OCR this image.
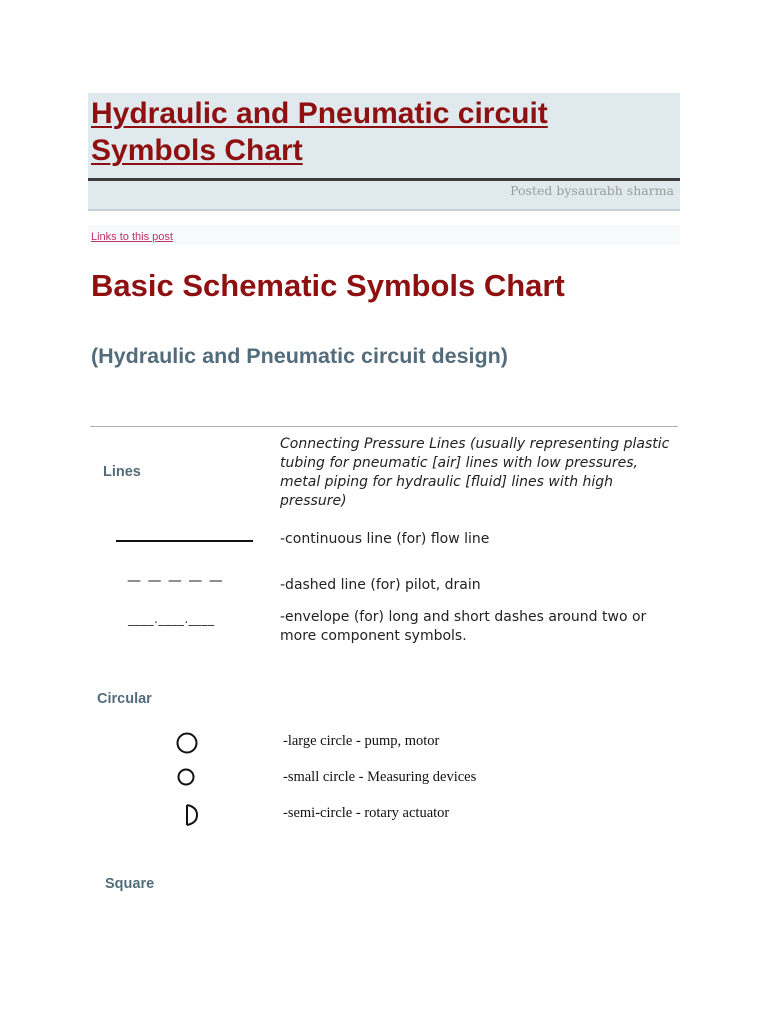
Hydraulic and Pneumatic circuit Symbols Chart
Posted bysaurabh sharma
Links to this post
Basic Schematic Symbols Chart
(Hydraulic and Pneumatic circuit design)
Lines
Connecting Pressure Lines (usually representing plastic tubing for pneumatic [air] lines with low pressures, metal piping for hydraulic [fluid] lines with high pressure)
-continuous line (for) flow line
— — — — —	-dashed line (for) pilot, drain
____.____.____	-envelope (for) long and short dashes around two or more component symbols.
Circular
-large circle - pump, motor
-small circle - Measuring devices
-semi-circle - rotary actuator
Square
